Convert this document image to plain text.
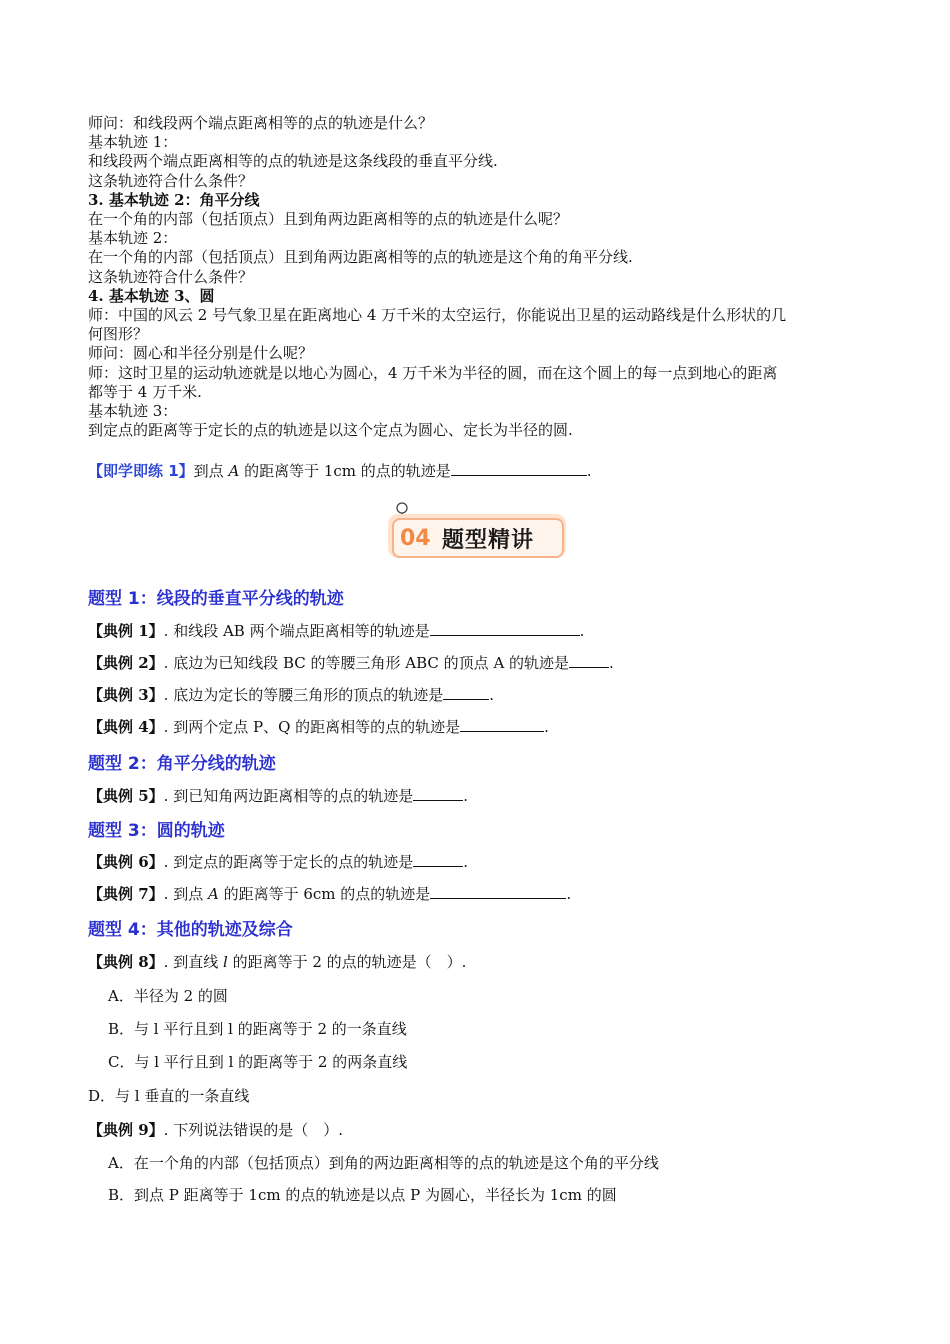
师问：和线段两个端点距离相等的点的轨迹是什么？
基本轨迹 1：
和线段两个端点距离相等的点的轨迹是这条线段的垂直平分线.
这条轨迹符合什么条件？
3. 基本轨迹 2：角平分线
在一个角的内部（包括顶点）且到角两边距离相等的点的轨迹是什么呢？
基本轨迹 2：
在一个角的内部（包括顶点）且到角两边距离相等的点的轨迹是这个角的角平分线.
这条轨迹符合什么条件？
4. 基本轨迹 3、圆
师：中国的风云 2 号气象卫星在距离地心 4 万千米的太空运行，你能说出卫星的运动路线是什么形状的几
何图形？
师问：圆心和半径分别是什么呢？
师：这时卫星的运动轨迹就是以地心为圆心，4 万千米为半径的圆，而在这个圆上的每一点到地心的距离
都等于 4 万千米.
基本轨迹 3：
到定点的距离等于定长的点的轨迹是以这个定点为圆心、定长为半径的圆.
【即学即练 1】到点 A 的距离等于 1cm 的点的轨迹是	.
04 题型精讲
题型 1：线段的垂直平分线的轨迹
【典例 1】. 和线段 AB 两个端点距离相等的轨迹是	.
【典例 2】. 底边为已知线段 BC 的等腰三角形 ABC 的顶点 A 的轨迹是	.
【典例 3】. 底边为定长的等腰三角形的顶点的轨迹是	.
【典例 4】. 到两个定点 P、Q 的距离相等的点的轨迹是	.
题型 2：角平分线的轨迹
【典例 5】. 到已知角两边距离相等的点的轨迹是	.
题型 3：圆的轨迹
【典例 6】. 到定点的距离等于定长的点的轨迹是	.
【典例 7】. 到点 A 的距离等于 6cm 的点的轨迹是	.
题型 4：其他的轨迹及综合
【典例 8】. 到直线 l 的距离等于 2 的点的轨迹是（　）.
A．半径为 2 的圆
B．与 l 平行且到 l 的距离等于 2 的一条直线
C．与 l 平行且到 l 的距离等于 2 的两条直线
D．与 l 垂直的一条直线
【典例 9】. 下列说法错误的是（　）.
A．在一个角的内部（包括顶点）到角的两边距离相等的点的轨迹是这个角的平分线
B．到点 P 距离等于 1cm 的点的轨迹是以点 P 为圆心，半径长为 1cm 的圆
